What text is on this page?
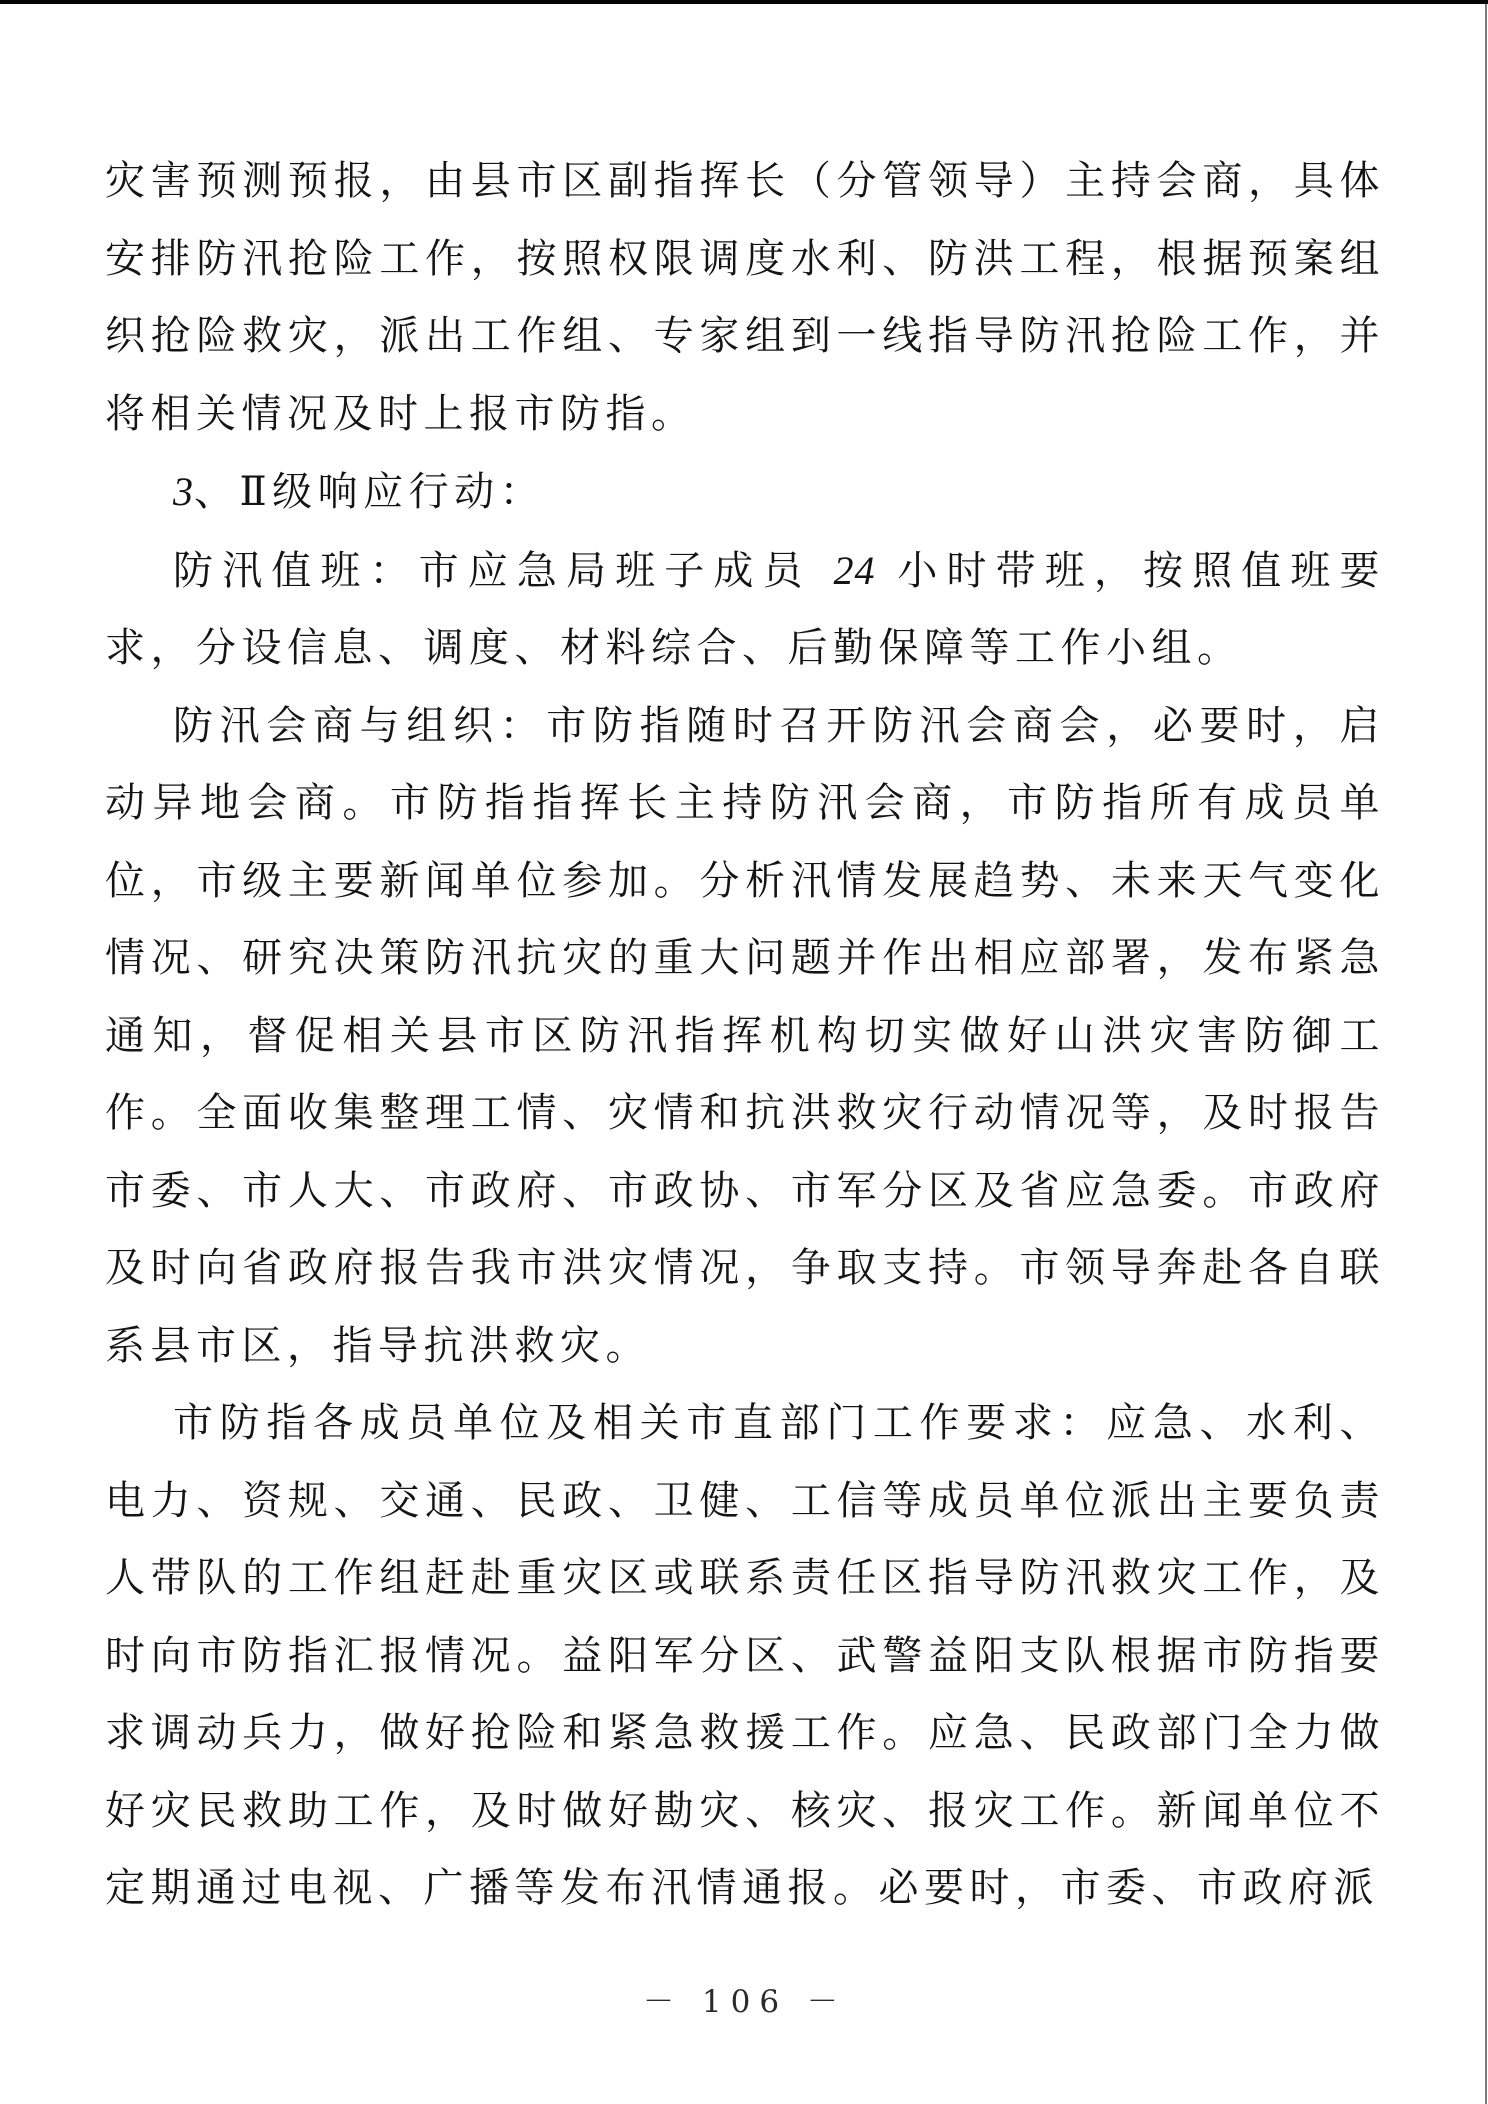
灾害预测预报，由县市区副指挥长（分管领导）主持会商，具体安排防汛抢险工作，按照权限调度水利、防洪工程，根据预案组织抢险救灾，派出工作组、专家组到一线指导防汛抢险工作，并将相关情况及时上报市防指。

3、Ⅱ级响应行动：

防汛值班：市应急局班子成员 24 小时带班，按照值班要求，分设信息、调度、材料综合、后勤保障等工作小组。

防汛会商与组织：市防指随时召开防汛会商会，必要时，启动异地会商。市防指指挥长主持防汛会商，市防指所有成员单位，市级主要新闻单位参加。分析汛情发展趋势、未来天气变化情况、研究决策防汛抗灾的重大问题并作出相应部署，发布紧急通知，督促相关县市区防汛指挥机构切实做好山洪灾害防御工作。全面收集整理工情、灾情和抗洪救灾行动情况等，及时报告市委、市人大、市政府、市政协、市军分区及省应急委。市政府及时向省政府报告我市洪灾情况，争取支持。市领导奔赴各自联系县市区，指导抗洪救灾。

市防指各成员单位及相关市直部门工作要求：应急、水利、电力、资规、交通、民政、卫健、工信等成员单位派出主要负责人带队的工作组赶赴重灾区或联系责任区指导防汛救灾工作，及时向市防指汇报情况。益阳军分区、武警益阳支队根据市防指要求调动兵力，做好抢险和紧急救援工作。应急、民政部门全力做好灾民救助工作，及时做好勘灾、核灾、报灾工作。新闻单位不定期通过电视、广播等发布汛情通报。必要时，市委、市政府派

－ 106 －
